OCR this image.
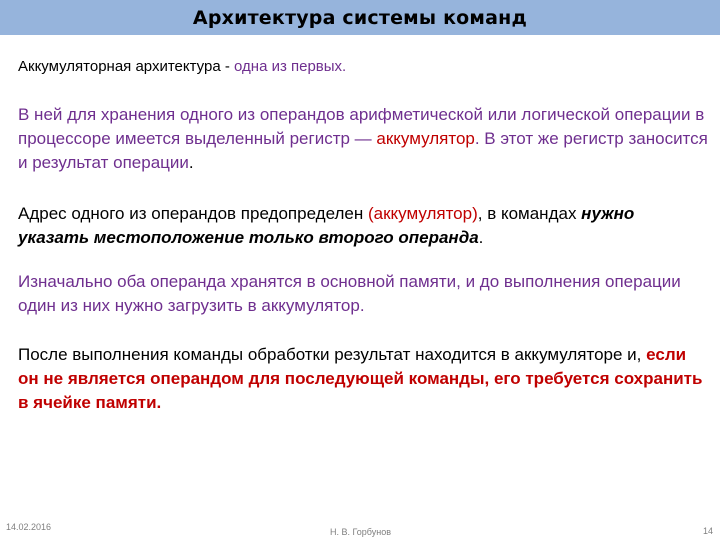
Архитектура системы команд

Аккумуляторная архитектура - одна из первых.

В ней для хранения одного из операндов арифметической или логической операции в процессоре имеется выделенный регистр — аккумулятор. В этот же регистр заносится и результат операции.

Адрес одного из операндов предопределен (аккумулятор), в командах нужно указать местоположение только второго операнда.

Изначально оба операнда хранятся в основной памяти, и до выполнения операции один из них нужно загрузить в аккумулятор.

После выполнения команды обработки результат находится в аккумуляторе и, если он не является операндом для последующей команды, его требуется сохранить в ячейке памяти.

14.02.2016	Н. В. Горбунов	14
